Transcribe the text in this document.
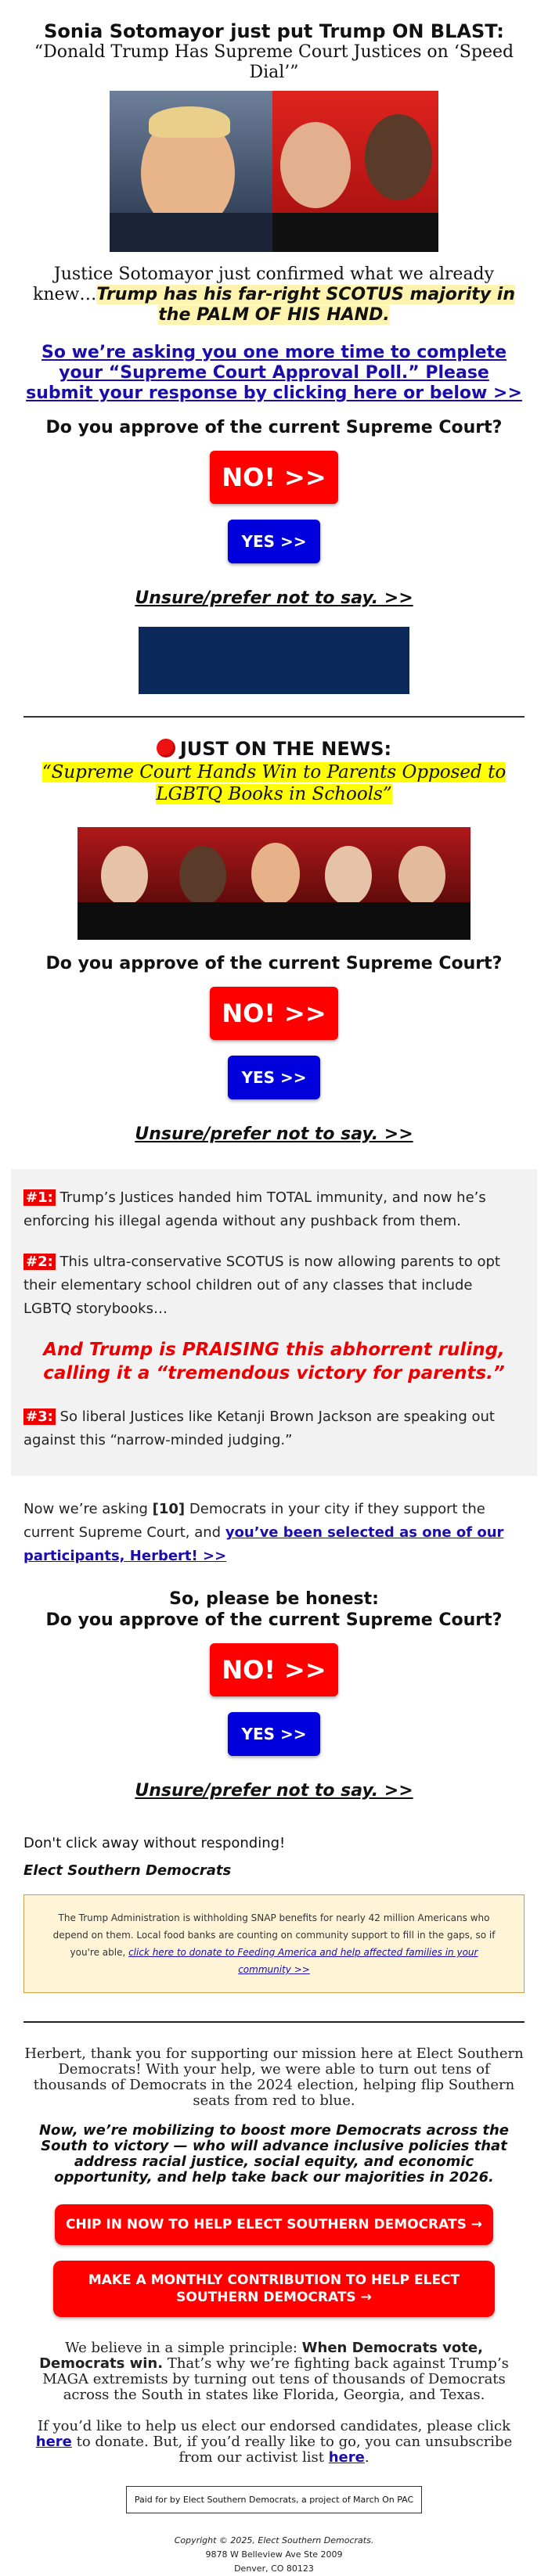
Sonia Sotomayor just put Trump ON BLAST:
“Donald Trump Has Supreme Court Justices on ‘Speed Dial’”
Justice Sotomayor just confirmed what we already knew…Trump has his far-right SCOTUS majority in the PALM OF HIS HAND.
So we’re asking you one more time to complete your “Supreme Court Approval Poll.” Please submit your response by clicking here or below >>
Do you approve of the current Supreme Court?
NO! >>
YES >>
Unsure/prefer not to say. >>
JUST ON THE NEWS:
“Supreme Court Hands Win to Parents Opposed to LGBTQ Books in Schools”
Do you approve of the current Supreme Court?
NO! >>
YES >>
Unsure/prefer not to say. >>

#1: Trump’s Justices handed him TOTAL immunity, and now he’s enforcing his illegal agenda without any pushback from them.

#2: This ultra-conservative SCOTUS is now allowing parents to opt their elementary school children out of any classes that include LGBTQ storybooks…

And Trump is PRAISING this abhorrent ruling, calling it a “tremendous victory for parents.”

#3: So liberal Justices like Ketanji Brown Jackson are speaking out against this “narrow-minded judging.”

Now we’re asking [10] Democrats in your city if they support the current Supreme Court, and you’ve been selected as one of our participants, Herbert! >>

So, please be honest:
Do you approve of the current Supreme Court?
NO! >>
YES >>
Unsure/prefer not to say. >>
Don't click away without responding!
Elect Southern Democrats
The Trump Administration is withholding SNAP benefits for nearly 42 million Americans who depend on them. Local food banks are counting on community support to fill in the gaps, so if you're able, click here to donate to Feeding America and help affected families in your community >>
Herbert, thank you for supporting our mission here at Elect Southern Democrats! With your help, we were able to turn out tens of thousands of Democrats in the 2024 election, helping flip Southern seats from red to blue.
Now, we’re mobilizing to boost more Democrats across the South to victory — who will advance inclusive policies that address racial justice, social equity, and economic opportunity, and help take back our majorities in 2026.
CHIP IN NOW TO HELP ELECT SOUTHERN DEMOCRATS →
MAKE A MONTHLY CONTRIBUTION TO HELP ELECT SOUTHERN DEMOCRATS →
We believe in a simple principle: When Democrats vote, Democrats win. That’s why we’re fighting back against Trump’s MAGA extremists by turning out tens of thousands of Democrats across the South in states like Florida, Georgia, and Texas.
If you’d like to help us elect our endorsed candidates, please click here to donate. But, if you’d really like to go, you can unsubscribe from our activist list here.
Paid for by Elect Southern Democrats, a project of March On PAC
Copyright © 2025, Elect Southern Democrats.
9878 W Belleview Ave Ste 2009
Denver, CO 80123
